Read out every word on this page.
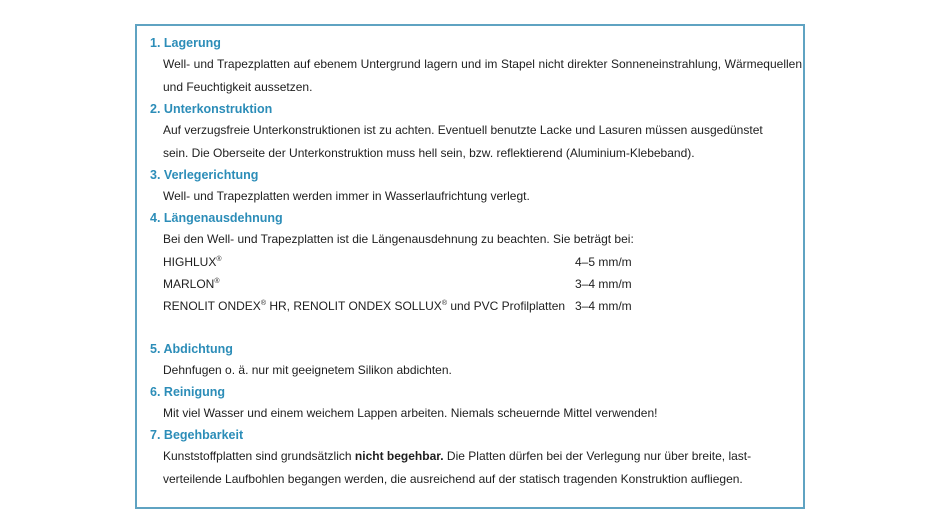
1. Lagerung
Well- und Trapezplatten auf ebenem Untergrund lagern und im Stapel nicht direkter Sonneneinstrahlung, Wärmequellen und Feuchtigkeit aussetzen.
2. Unterkonstruktion
Auf verzugsfreie Unterkonstruktionen ist zu achten. Eventuell benutzte Lacke und Lasuren müssen ausgedünstet sein. Die Oberseite der Unterkonstruktion muss hell sein, bzw. reflektierend (Aluminium-Klebeband).
3. Verlegerichtung
Well- und Trapezplatten werden immer in Wasserlaufrichtung verlegt.
4. Längenausdehnung
Bei den Well- und Trapezplatten ist die Längenausdehnung zu beachten. Sie beträgt bei:
HIGHLUX®	4–5 mm/m
MARLON®	3–4 mm/m
RENOLIT ONDEX® HR, RENOLIT ONDEX SOLLUX® und PVC Profilplatten 3–4 mm/m
5. Abdichtung
Dehnfugen o. ä. nur mit geeignetem Silikon abdichten.
6. Reinigung
Mit viel Wasser und einem weichem Lappen arbeiten. Niemals scheuernde Mittel verwenden!
7. Begehbarkeit
Kunststoffplatten sind grundsätzlich nicht begehbar. Die Platten dürfen bei der Verlegung nur über breite, lastverteilende Laufbohlen begangen werden, die ausreichend auf der statisch tragenden Konstruktion aufliegen.
